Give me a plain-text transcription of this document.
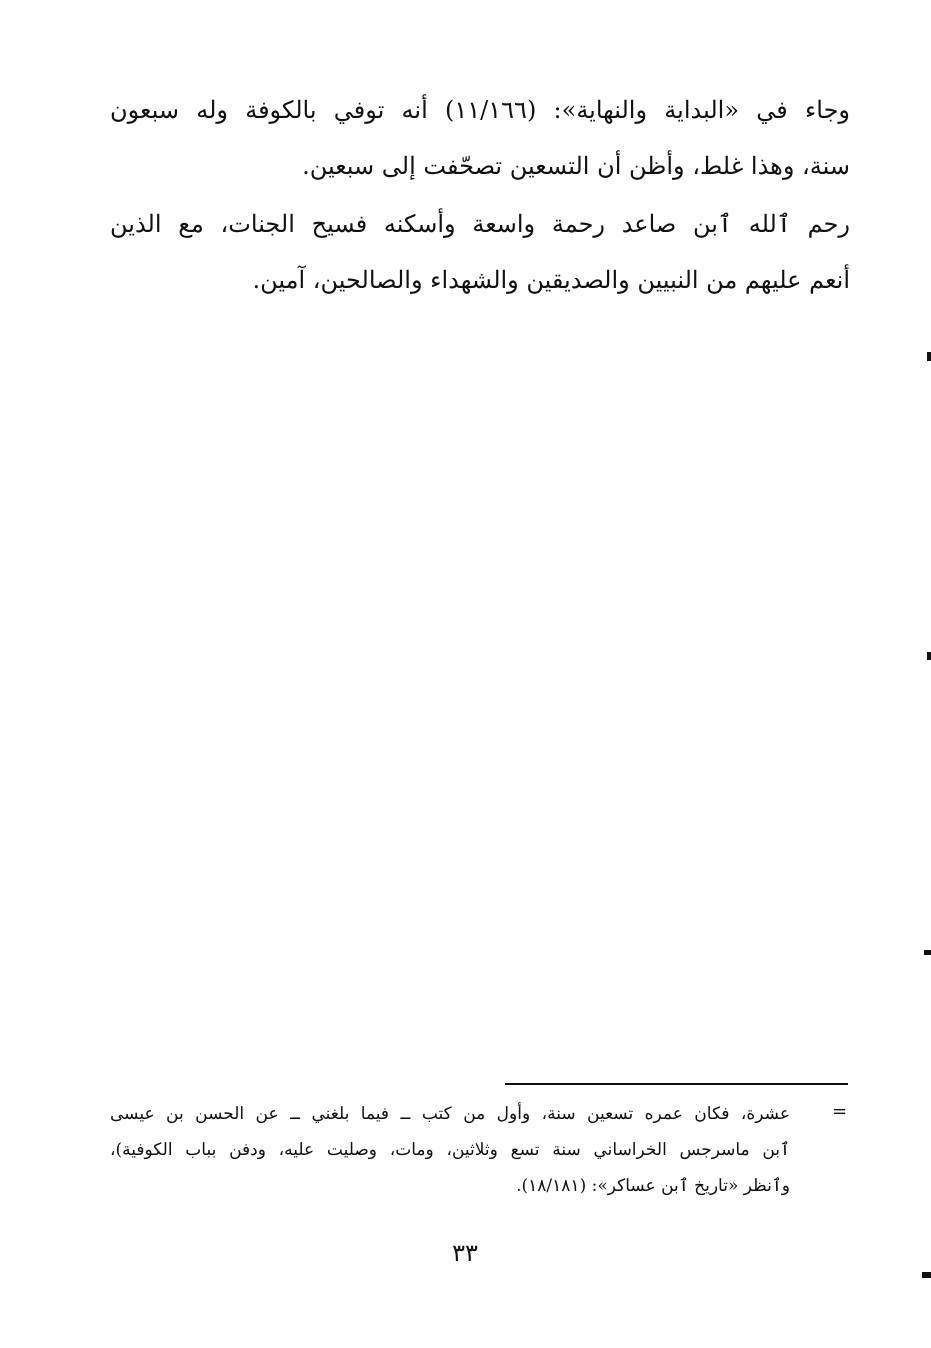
وجاء في «البداية والنهاية»: (١١/١٦٦) أنه توفي بالكوفة وله سبعون
سنة، وهذا غلط، وأظن أن التسعين تصحّفت إلى سبعين.
رحم ٱلله ٱبن صاعد رحمة واسعة وأسكنه فسيح الجنات، مع الذين
أنعم عليهم من النبيين والصديقين والشهداء والصالحين، آمين.
=
عشرة، فكان عمره تسعين سنة، وأول من كتب ــ فيما بلغني ــ عن الحسن بن عيسى
ٱبن ماسرجس الخراساني سنة تسع وثلاثين، ومات، وصليت عليه، ودفن بباب الكوفية)،
وٱنظر «تاريخ ٱبن عساكر»: (١٨/١٨١).
٣٣
